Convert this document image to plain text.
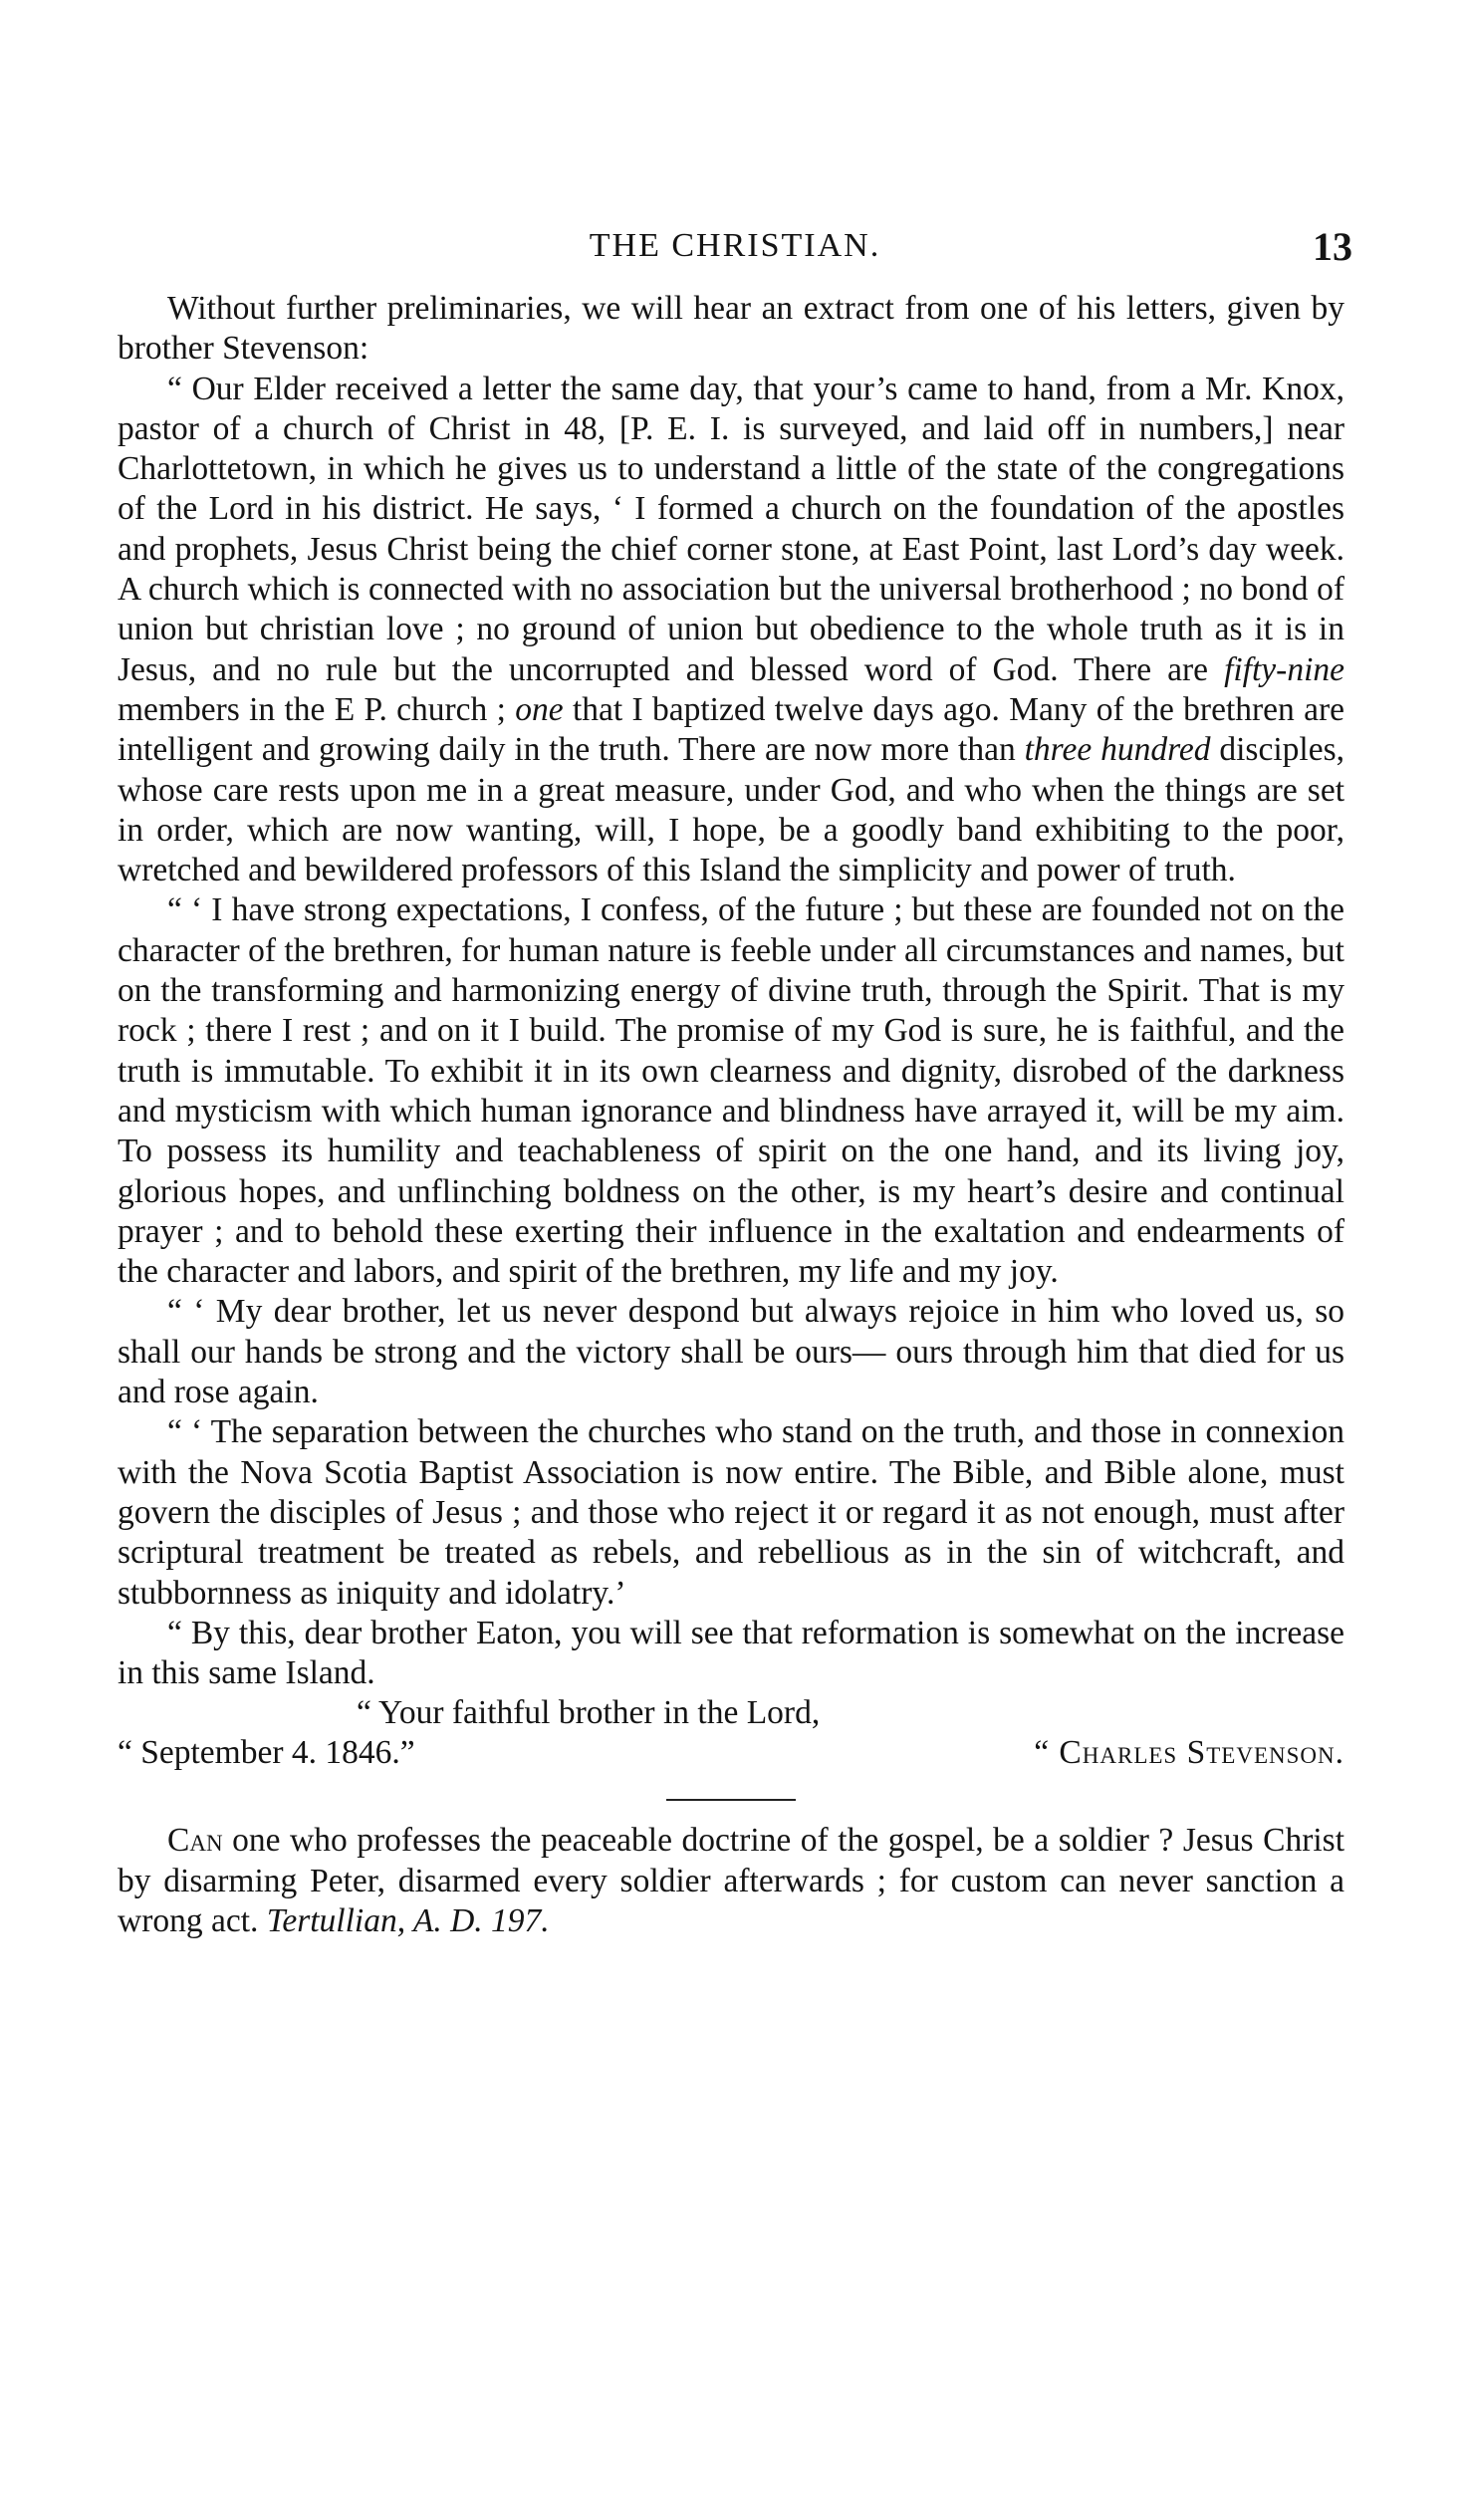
THE CHRISTIAN.	13

Without further preliminaries, we will hear an extract from one of his letters, given by brother Stevenson:

“ Our Elder received a letter the same day, that your’s came to hand, from a Mr. Knox, pastor of a church of Christ in 48, [P. E. I. is surveyed, and laid off in numbers,] near Charlottetown, in which he gives us to understand a little of the state of the congregations of the Lord in his district. He says, ‘ I formed a church on the foundation of the apostles and prophets, Jesus Christ being the chief corner stone, at East Point, last Lord’s day week. A church which is connected with no association but the universal brotherhood ; no bond of union but christian love ; no ground of union but obedience to the whole truth as it is in Jesus, and no rule but the uncorrupted and blessed word of God. There are fifty-nine members in the E P. church ; one that I baptized twelve days ago. Many of the brethren are intelligent and growing daily in the truth. There are now more than three hundred disciples, whose care rests upon me in a great measure, under God, and who when the things are set in order, which are now wanting, will, I hope, be a goodly band exhibiting to the poor, wretched and bewildered professors of this Island the simplicity and power of truth.

“ ‘ I have strong expectations, I confess, of the future ; but these are founded not on the character of the brethren, for human nature is feeble under all circumstances and names, but on the transforming and harmonizing energy of divine truth, through the Spirit. That is my rock ; there I rest ; and on it I build. The promise of my God is sure, he is faithful, and the truth is immutable. To exhibit it in its own clearness and dignity, disrobed of the darkness and mysticism with which human ignorance and blindness have arrayed it, will be my aim. To possess its humility and teachableness of spirit on the one hand, and its living joy, glorious hopes, and unflinching boldness on the other, is my heart’s desire and continual prayer ; and to behold these exerting their influence in the exaltation and endearments of the character and labors, and spirit of the brethren, my life and my joy.

“ ‘ My dear brother, let us never despond but always rejoice in him who loved us, so shall our hands be strong and the victory shall be ours— ours through him that died for us and rose again.

“ ‘ The separation between the churches who stand on the truth, and those in connexion with the Nova Scotia Baptist Association is now entire. The Bible, and Bible alone, must govern the disciples of Jesus ; and those who reject it or regard it as not enough, must after scriptural treatment be treated as rebels, and rebellious as in the sin of witchcraft, and stubbornness as iniquity and idolatry.’

“ By this, dear brother Eaton, you will see that reformation is somewhat on the increase in this same Island.

“ Your faithful brother in the Lord,
“ September 4. 1846.”	“ Charles Stevenson.

Can one who professes the peaceable doctrine of the gospel, be a soldier ? Jesus Christ by disarming Peter, disarmed every soldier afterwards ; for custom can never sanction a wrong act. Tertullian, A. D. 197.
